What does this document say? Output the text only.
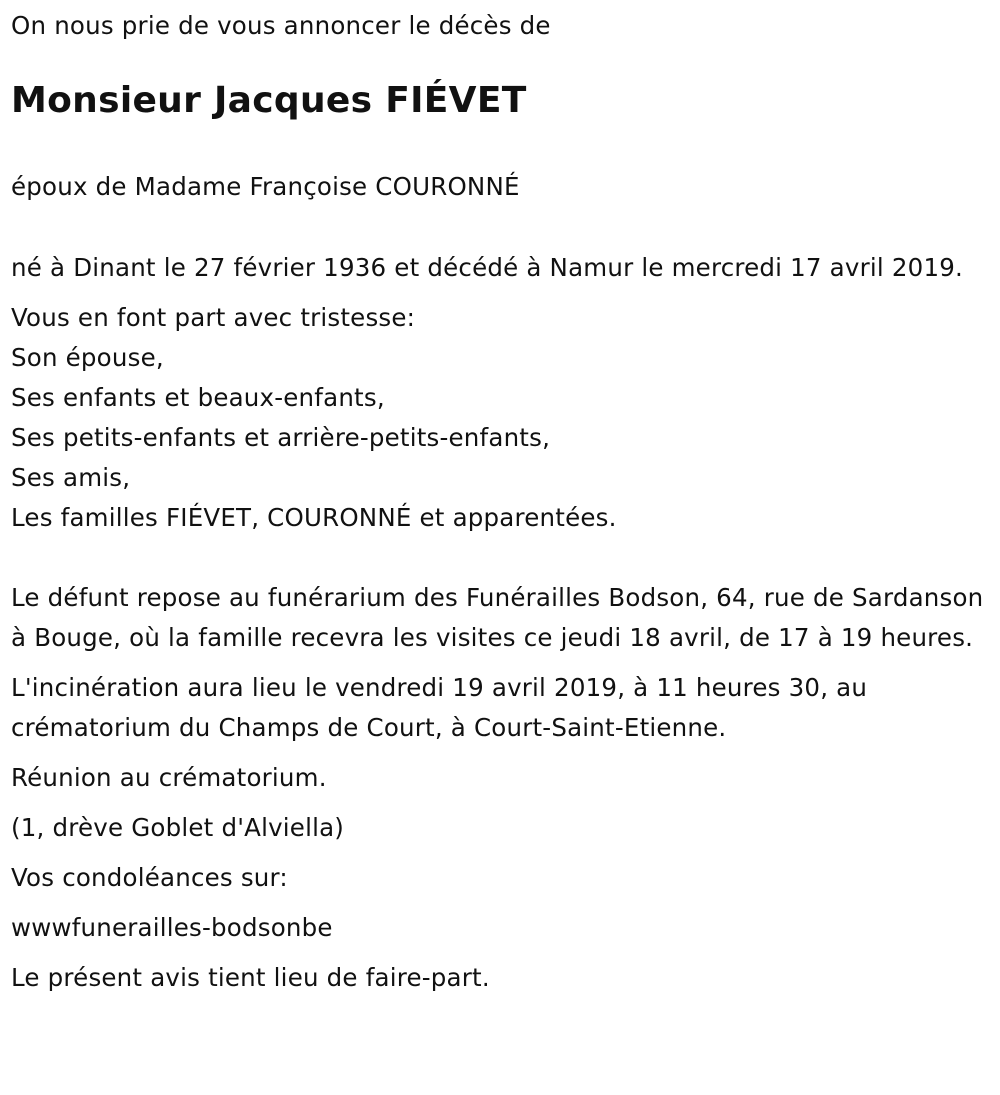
On nous prie de vous annoncer le décès de
Monsieur Jacques FIÉVET
époux de Madame Françoise COURONNÉ
né à Dinant le 27 février 1936 et décédé à Namur le mercredi 17 avril 2019.
Vous en font part avec tristesse:
Son épouse,
Ses enfants et beaux-enfants,
Ses petits-enfants et arrière-petits-enfants,
Ses amis,
Les familles FIÉVET, COURONNÉ et apparentées.
Le défunt repose au funérarium des Funérailles Bodson, 64, rue de Sardanson à Bouge, où la famille recevra les visites ce jeudi 18 avril, de 17 à 19 heures.
L'incinération aura lieu le vendredi 19 avril 2019, à 11 heures 30, au crématorium du Champs de Court, à Court-Saint-Etienne.
Réunion au crématorium.
(1, drève Goblet d'Alviella)
Vos condoléances sur:
wwwfunerailles-bodsonbe
Le présent avis tient lieu de faire-part.
